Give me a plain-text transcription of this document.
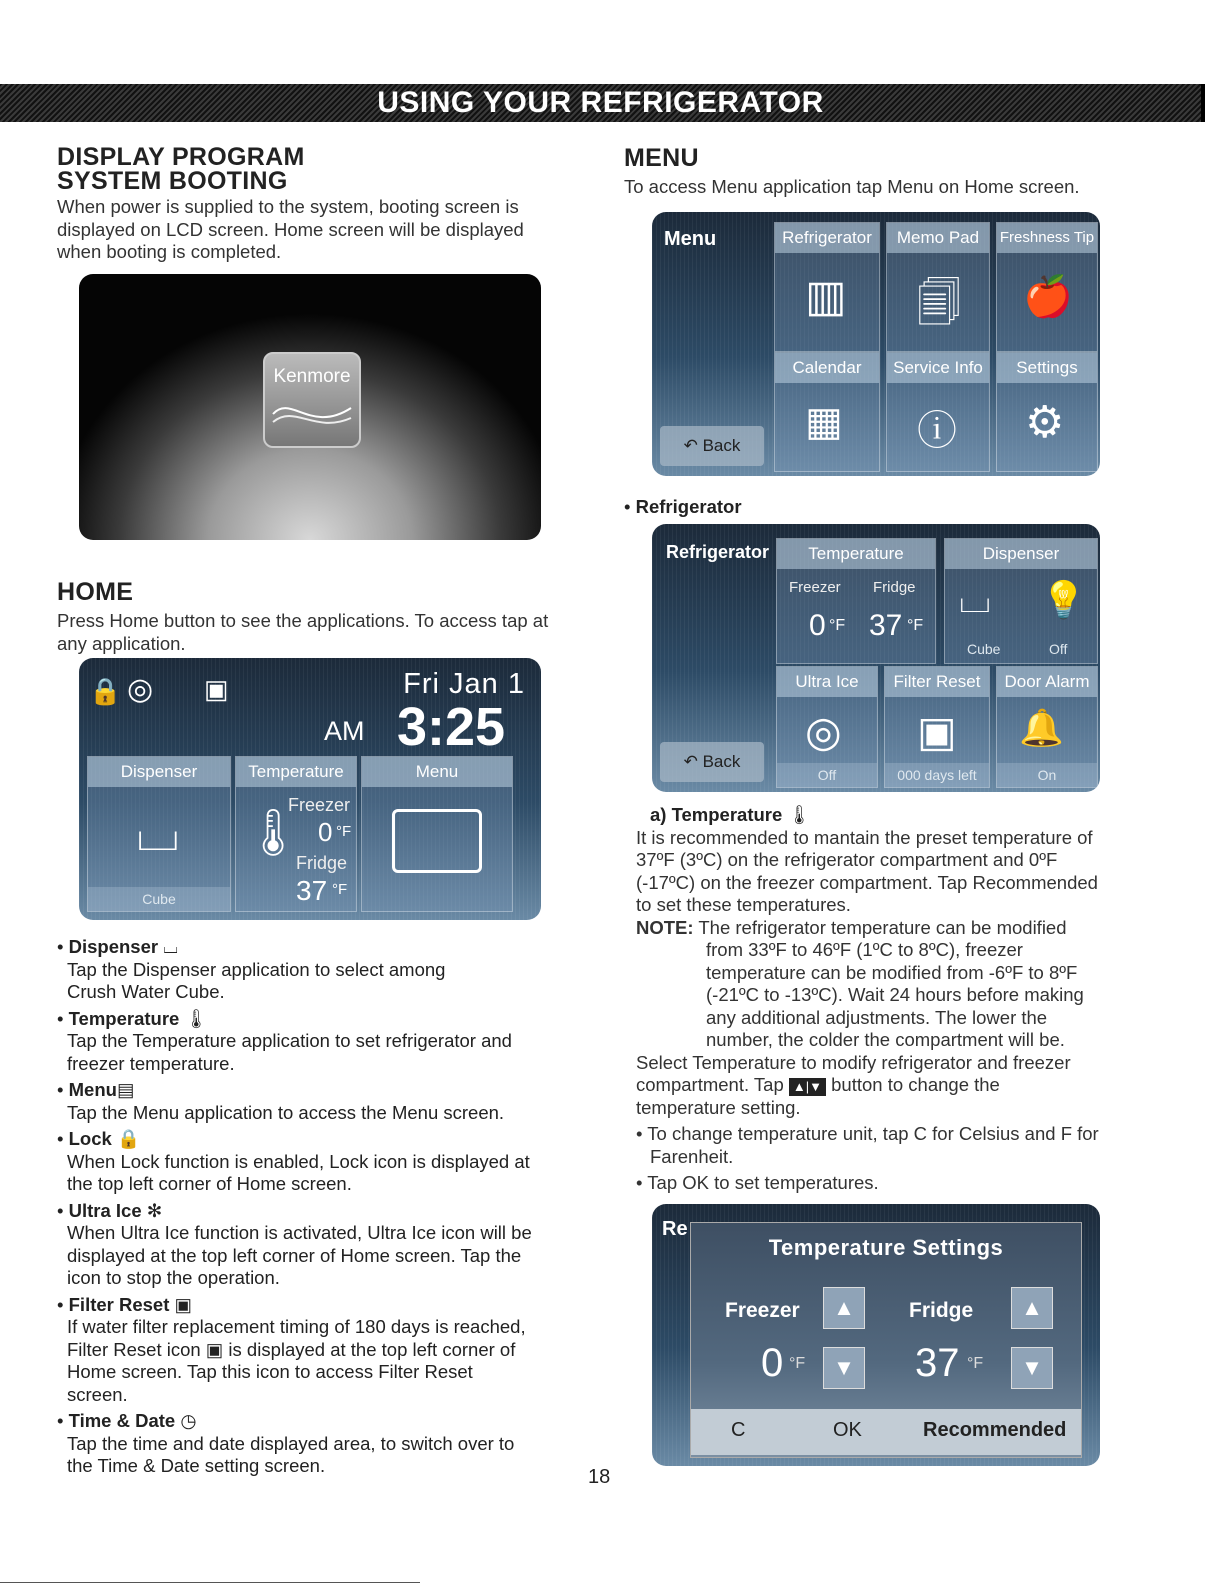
USING YOUR REFRIGERATOR
DISPLAY PROGRAM
SYSTEM BOOTING
When power is supplied to the system, booting screen is displayed on LCD screen. Home screen will be displayed when booting is completed.
Kenmore
HOME
Press Home button to see the applications. To access tap at any application.
🔒 ◎ ▣	Fri Jan 1
AM 3:25
Dispenser
⌴
Cube
Temperature
🌡
Freezer
0 °F
Fridge
37 °F
Menu
• Dispenser ⌴
Tap the Dispenser application to select among
Crush Water Cube.
• Temperature 🌡
Tap the Temperature application to set refrigerator and
freezer temperature.
• Menu▤
Tap the Menu application to access the Menu screen.
• Lock 🔒
When Lock function is enabled, Lock icon is displayed at
the top left corner of Home screen.
• Ultra Ice ✻
When Ultra Ice function is activated, Ultra Ice icon will be
displayed at the top left corner of Home screen. Tap the
icon to stop the operation.
• Filter Reset ▣
If water filter replacement timing of 180 days is reached,
Filter Reset icon ▣ is displayed at the top left corner of
Home screen. Tap this icon to access Filter Reset
screen.
• Time & Date ◷
Tap the time and date displayed area, to switch over to
the Time & Date setting screen.
18
MENU
To access Menu application tap Menu on Home screen.
Menu	Refrigerator
▥
Memo Pad
🗐
Freshness Tip
🍎
Calendar
▦
Service Info
ⓘ
Settings
⚙
↶ Back
• Refrigerator
Refrigerator	Temperature
Freezer Fridge
0 °F 37 °F
Dispenser
⌴ 💡
Cube	Off
Ultra Ice
◎
Off
Filter Reset
▣
000 days left
Door Alarm
🔔
On
↶ Back
a) Temperature 🌡
It is recommended to mantain the preset temperature of
37ºF (3ºC) on the refrigerator compartment and 0ºF
(-17ºC) on the freezer compartment. Tap Recommended
to set these temperatures.
NOTE: The refrigerator temperature can be modified
from 33ºF to 46ºF (1ºC to 8ºC), freezer
temperature can be modified from -6ºF to 8ºF
(-21ºC to -13ºC). Wait 24 hours before making
any additional adjustments. The lower the
number, the colder the compartment will be.
Select Temperature to modify refrigerator and freezer
compartment. Tap ▲|▼ button to change the
temperature setting.
• To change temperature unit, tap C for Celsius and F for
Farenheit.
• Tap OK to set temperatures.
Re
Temperature Settings
Freezer	Fridge
▲
▼
▲
▼
0 °F	37 °F
C	OK	Recommended
